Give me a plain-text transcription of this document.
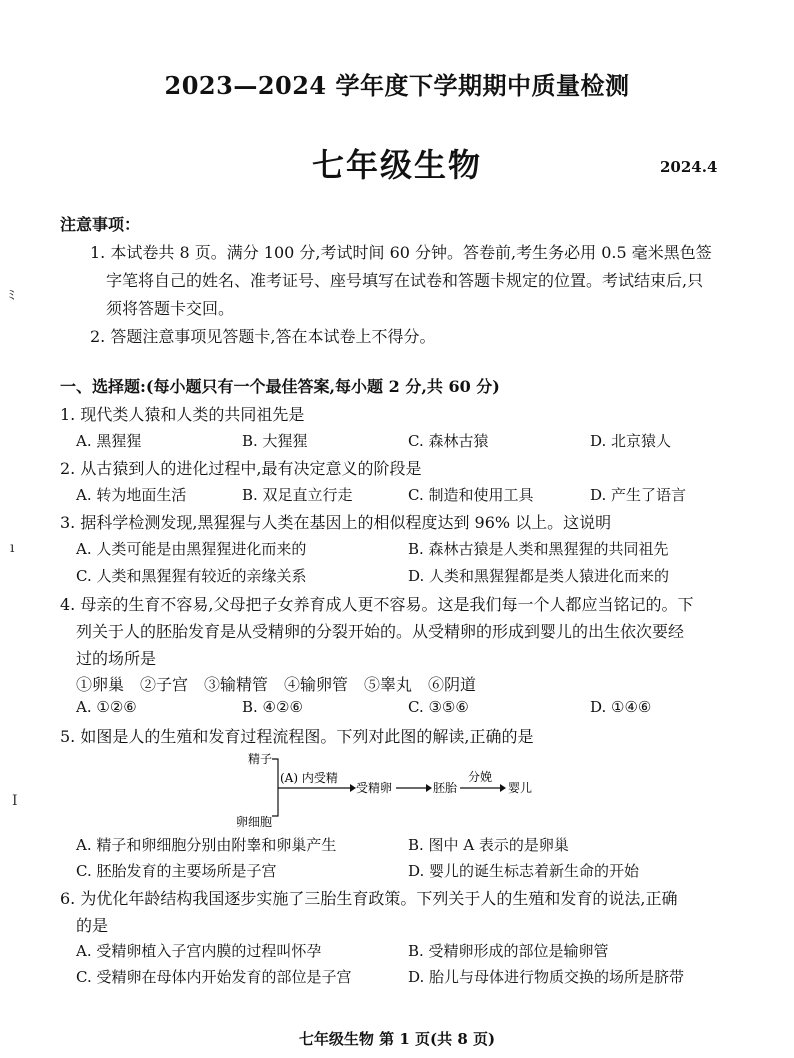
2023—2024 学年度下学期期中质量检测
七年级生物	2024.4
ﾐ
ı
I
注意事项：
1. 本试卷共 8 页。满分 100 分,考试时间 60 分钟。答卷前,考生务必用 0.5 毫米黑色签
字笔将自己的姓名、准考证号、座号填写在试卷和答题卡规定的位置。考试结束后,只
须将答题卡交回。
2. 答题注意事项见答题卡,答在本试卷上不得分。
一、选择题:(每小题只有一个最佳答案,每小题 2 分,共 60 分)
1. 现代类人猿和人类的共同祖先是
A. 黑猩猩	B. 大猩猩	C. 森林古猿	D. 北京猿人
2. 从古猿到人的进化过程中,最有决定意义的阶段是
A. 转为地面生活	B. 双足直立行走	C. 制造和使用工具	D. 产生了语言
3. 据科学检测发现,黑猩猩与人类在基因上的相似程度达到 96% 以上。这说明
A. 人类可能是由黑猩猩进化而来的	B. 森林古猿是人类和黑猩猩的共同祖先
C. 人类和黑猩猩有较近的亲缘关系	D. 人类和黑猩猩都是类人猿进化而来的
4. 母亲的生育不容易,父母把子女养育成人更不容易。这是我们每一个人都应当铭记的。下
列关于人的胚胎发育是从受精卵的分裂开始的。从受精卵的形成到婴儿的出生依次要经
过的场所是
①卵巢　②子宫　③输精管　④输卵管　⑤睾丸　⑥阴道
A. ①②⑥	B. ④②⑥	C. ③⑤⑥	D. ①④⑥
5. 如图是人的生殖和发育过程流程图。下列对此图的解读,正确的是
精子
卵细胞
(A) 内受精
受精卵	胚胎
分娩
婴儿
A. 精子和卵细胞分别由附睾和卵巢产生	B. 图中 A 表示的是卵巢
C. 胚胎发育的主要场所是子宫	D. 婴儿的诞生标志着新生命的开始
6. 为优化年龄结构我国逐步实施了三胎生育政策。下列关于人的生殖和发育的说法,正确
的是
A. 受精卵植入子宫内膜的过程叫怀孕	B. 受精卵形成的部位是输卵管
C. 受精卵在母体内开始发育的部位是子宫	D. 胎儿与母体进行物质交换的场所是脐带
七年级生物 第 1 页(共 8 页)
